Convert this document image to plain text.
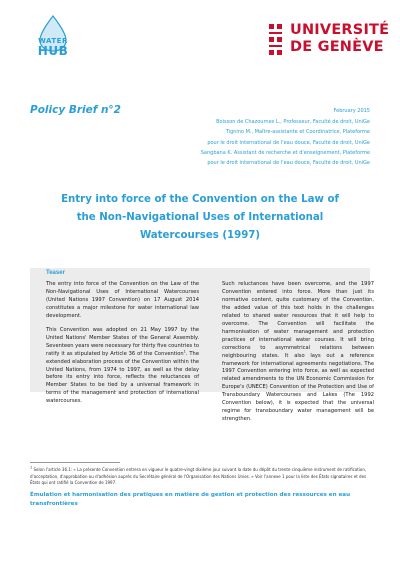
WATER
HUB
UNIVERSITÉ
DE GENÈVE
Policy Brief n°2	February 2015
Boisson de Chazournes L., Professeur, Faculté de droit, UniGe
Tignino M., Maître-assistante et Coordinatrice, Plateforme
pour le droit international de l'eau douce, Faculté de droit, UniGe
Sangbana K. Assistant de recherche et d'enseignement, Plateforme
pour le droit international de l'eau douce, Faculté de droit, UniGe
Entry into force of the Convention on the Law of
the Non-Navigational Uses of International
Watercourses (1997)
Teaser

The entry into force of the Convention on the Law of the Non-Navigational Uses of International Watercourses (United Nations 1997 Convention) on 17 August 2014 constitutes a major milestone for water international law development.

This Convention was adopted on 21 May 1997 by the United Nations' Member States of the General Assembly. Seventeen years were necessary for thirty five countries to ratify it as stipulated by Article 36 of the Convention$^1$. The extended elaboration process of the Convention within the United Nations, from 1974 to 1997, as well as the delay before its entry into force, reflects the reluctances of Member States to be tied by a universal framework in terms of the management and protection of international watercourses.

Such reluctances have been overcome, and the 1997 Convention entered into force. More than just its normative content, quite customary of the Convention, the added value of this text holds in the challenges related to shared water resources that it will help to overcome. The Convention will facilitate the harmonisation of water management and protection practices of international water courses. It will bring corrections to asymmetrical relations between neighbouring states. It also lays out a reference framework for international agreements negotiations. The 1997 Convention entering into force, as well as expected related amendments to the UN Economic Commission for Europe's (UNECE) Convention of the Protection and Use of Transboundary Watercourses and Lakes (The 1992 Convention below), it is expected that the universal regime for transboundary water management will be strengthen.

$^1$ Selon l'article 36.1: « La présente Convention entrera en vigueur le quatre-vingt dixième jour suivant la date du dépôt du trente cinquième instrument de ratification, d'acceptation, d'approbation ou d'adhésion auprès du Secrétaire général de l'Organisation des Nations Unies. » Voir l'annexe 1 pour la liste des États signataires et des États qui ont ratifié la Convention de 1997.
Émulation et harmonisation des pratiques en matière de gestion et protection des ressources en eau transfrontières
